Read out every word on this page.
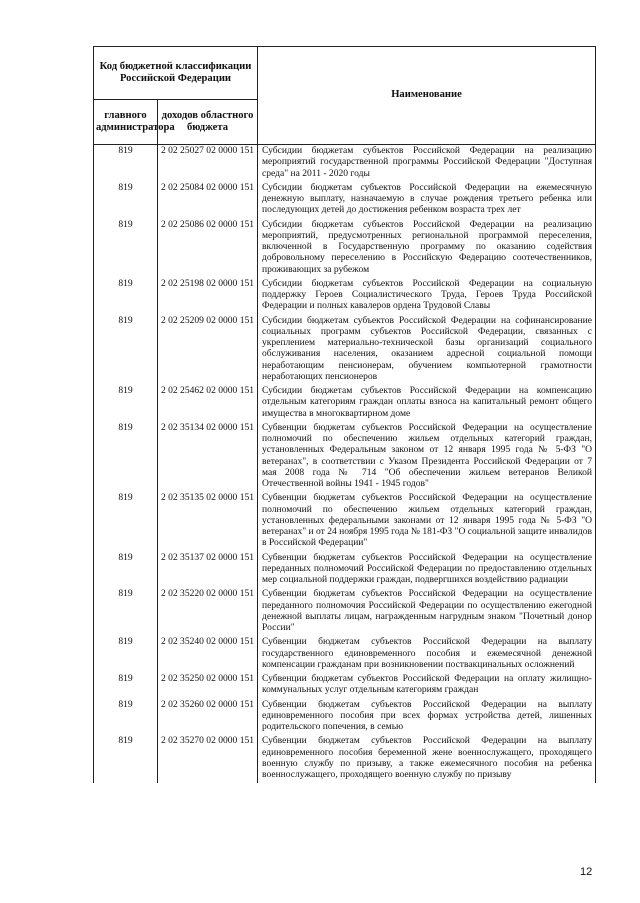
Код бюджетной классификации Российской Федерации		Наименование
главного администратора	доходов областного бюджета	
819	2 02 25027 02 0000 151	Субсидии бюджетам субъектов Российской Федерации на реализацию мероприятий государственной программы Российской Федерации "Доступная среда" на 2011 - 2020 годы
819	2 02 25084 02 0000 151	Субсидии бюджетам субъектов Российской Федерации на ежемесячную денежную выплату, назначаемую в случае рождения третьего ребенка или последующих детей до достижения ребенком возраста трех лет
819	2 02 25086 02 0000 151	Субсидии бюджетам субъектов Российской Федерации на реализацию мероприятий, предусмотренных региональной программой переселения, включенной в Государственную программу по оказанию содействия добровольному переселению в Российскую Федерацию соотечественников, проживающих за рубежом
819	2 02 25198 02 0000 151	Субсидии бюджетам субъектов Российской Федерации на социальную поддержку Героев Социалистического Труда, Героев Труда Российской Федерации и полных кавалеров ордена Трудовой Славы
819	2 02 25209 02 0000 151	Субсидии бюджетам субъектов Российской Федерации на софинансирование социальных программ субъектов Российской Федерации, связанных с укреплением материально-технической базы организаций социального обслуживания населения, оказанием адресной социальной помощи неработающим пенсионерам, обучением компьютерной грамотности неработающих пенсионеров
819	2 02 25462 02 0000 151	Субсидии бюджетам субъектов Российской Федерации на компенсацию отдельным категориям граждан оплаты взноса на капитальный ремонт общего имущества в многоквартирном доме
819	2 02 35134 02 0000 151	Субвенции бюджетам субъектов Российской Федерации на осуществление полномочий по обеспечению жильем отдельных категорий граждан, установленных Федеральным законом от 12 января 1995 года № 5-ФЗ "О ветеранах", в соответствии с Указом Президента Российской Федерации от 7 мая 2008 года № 714 "Об обеспечении жильем ветеранов Великой Отечественной войны 1941 - 1945 годов"
819	2 02 35135 02 0000 151	Субвенции бюджетам субъектов Российской Федерации на осуществление полномочий по обеспечению жильем отдельных категорий граждан, установленных федеральными законами от 12 января 1995 года № 5-ФЗ "О ветеранах" и от 24 ноября 1995 года № 181-ФЗ "О социальной защите инвалидов в Российской Федерации"
819	2 02 35137 02 0000 151	Субвенции бюджетам субъектов Российской Федерации на осуществление переданных полномочий Российской Федерации по предоставлению отдельных мер социальной поддержки граждан, подвергшихся воздействию радиации
819	2 02 35220 02 0000 151	Субвенции бюджетам субъектов Российской Федерации на осуществление переданного полномочия Российской Федерации по осуществлению ежегодной денежной выплаты лицам, награжденным нагрудным знаком "Почетный донор России"
819	2 02 35240 02 0000 151	Субвенции бюджетам субъектов Российской Федерации на выплату государственного единовременного пособия и ежемесячной денежной компенсации гражданам при возникновении поствакцинальных осложнений
819	2 02 35250 02 0000 151	Субвенции бюджетам субъектов Российской Федерации на оплату жилищно-коммунальных услуг отдельным категориям граждан
819	2 02 35260 02 0000 151	Субвенции бюджетам субъектов Российской Федерации на выплату единовременного пособия при всех формах устройства детей, лишенных родительского попечения, в семью
819	2 02 35270 02 0000 151	Субвенции бюджетам субъектов Российской Федерации на выплату единовременного пособия беременной жене военнослужащего, проходящего военную службу по призыву, а также ежемесячного пособия на ребенка военнослужащего, проходящего военную службу по призыву
12
